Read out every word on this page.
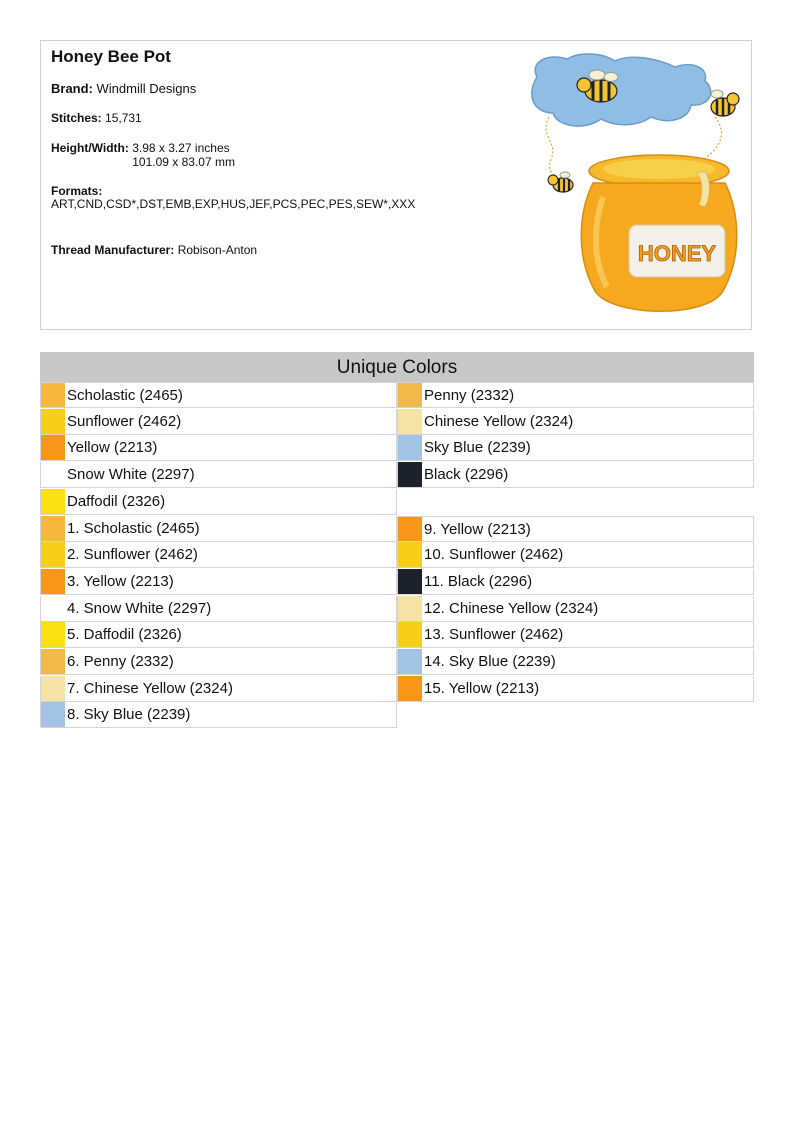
Honey Bee Pot
Brand: Windmill Designs
Stitches: 15,731
Height/Width: 3.98 x 3.27 inches
101.09 x 83.07 mm
Formats:
ART,CND,CSD*,DST,EMB,EXP,HUS,JEF,PCS,PEC,PES,SEW*,XXX
Thread Manufacturer: Robison-Anton	HONEY
Unique Colors
Scholastic (2465)
Sunflower (2462)
Yellow (2213)
Snow White (2297)
Daffodil (2326)
Penny (2332)
Chinese Yellow (2324)
Sky Blue (2239)
Black (2296)
1. Scholastic (2465)
2. Sunflower (2462)
3. Yellow (2213)
4. Snow White (2297)
5. Daffodil (2326)
6. Penny (2332)
7. Chinese Yellow (2324)
8. Sky Blue (2239)
9. Yellow (2213)
10. Sunflower (2462)
11. Black (2296)
12. Chinese Yellow (2324)
13. Sunflower (2462)
14. Sky Blue (2239)
15. Yellow (2213)
